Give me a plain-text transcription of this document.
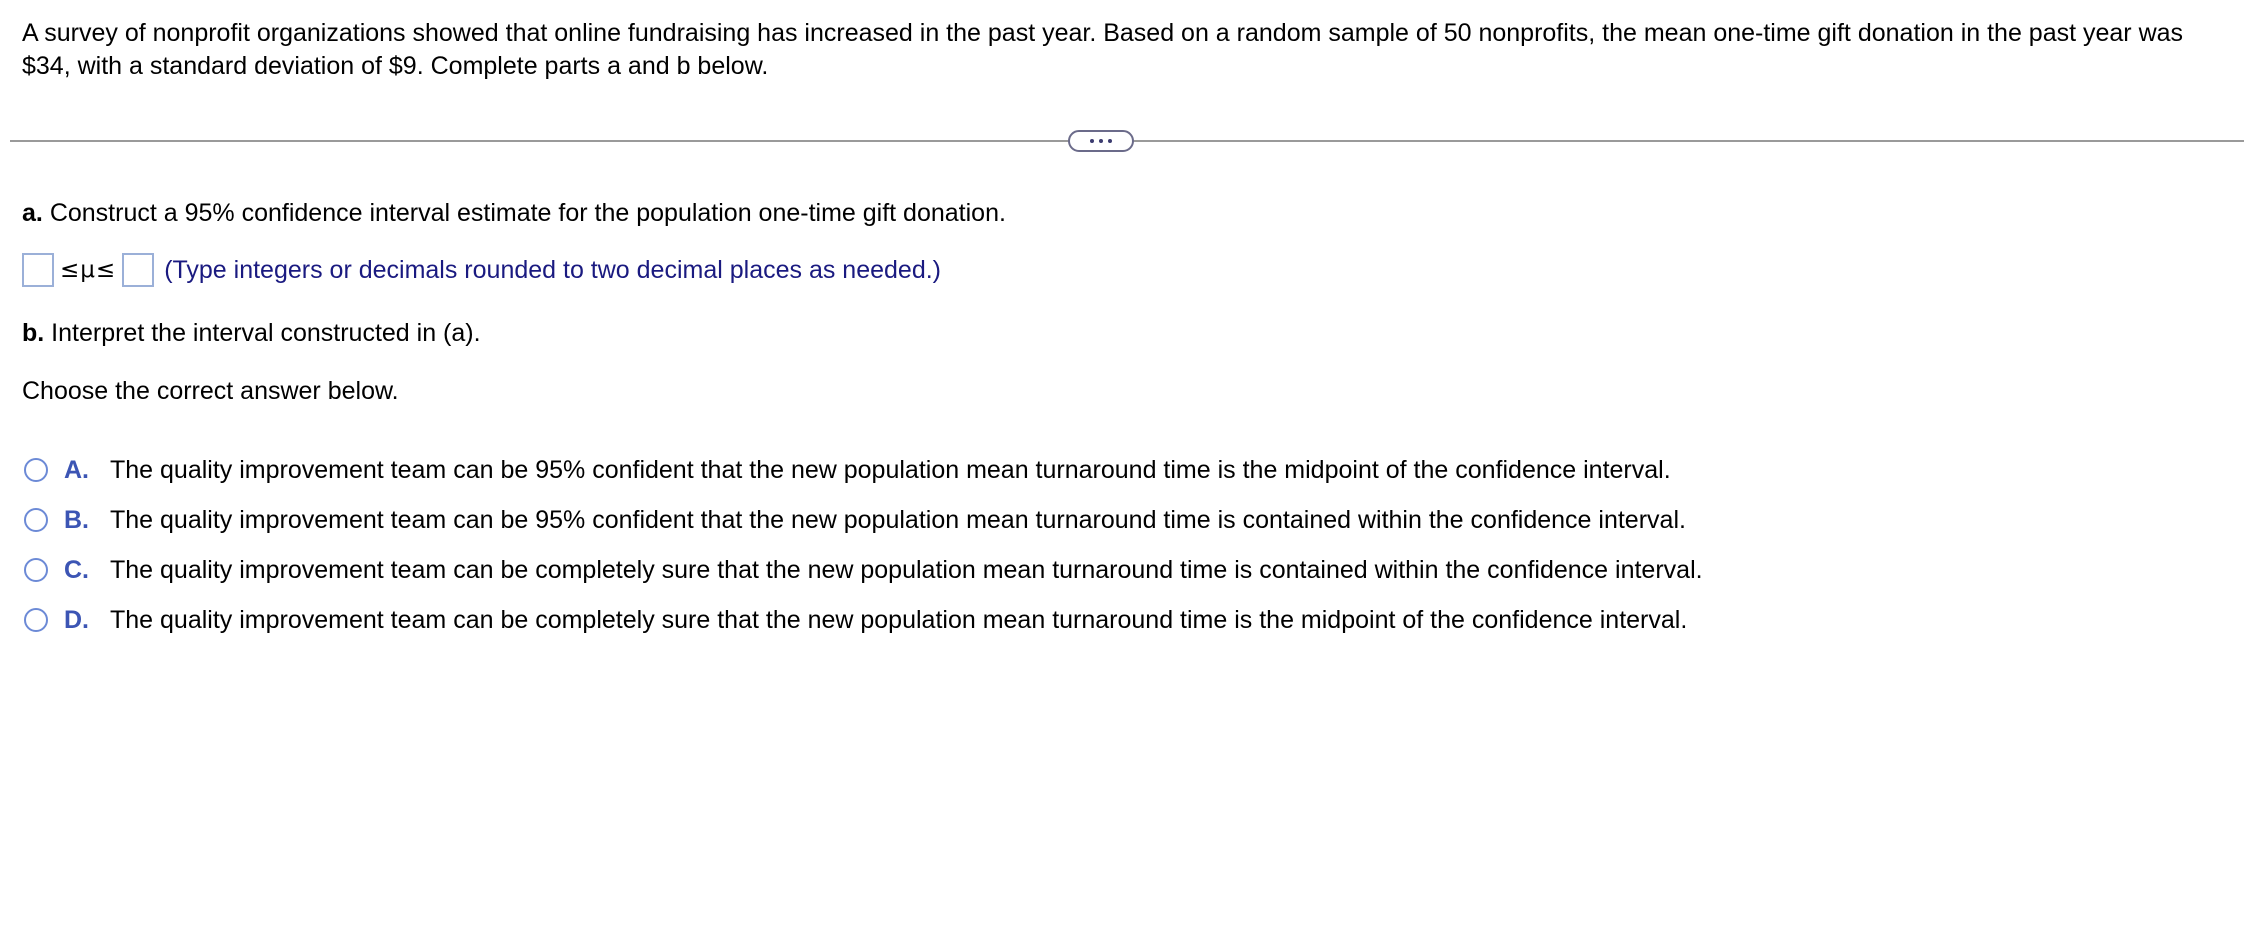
A survey of nonprofit organizations showed that online fundraising has increased in the past year. Based on a random sample of 50 nonprofits, the mean one-time gift donation in the past year was $34, with a standard deviation of $9. Complete parts a and b below.

a. Construct a 95% confidence interval estimate for the population one-time gift donation.

≤μ≤ (Type integers or decimals rounded to two decimal places as needed.)

b. Interpret the interval constructed in (a).

Choose the correct answer below.

A. The quality improvement team can be 95% confident that the new population mean turnaround time is the midpoint of the confidence interval.
B. The quality improvement team can be 95% confident that the new population mean turnaround time is contained within the confidence interval.
C. The quality improvement team can be completely sure that the new population mean turnaround time is contained within the confidence interval.
D. The quality improvement team can be completely sure that the new population mean turnaround time is the midpoint of the confidence interval.
